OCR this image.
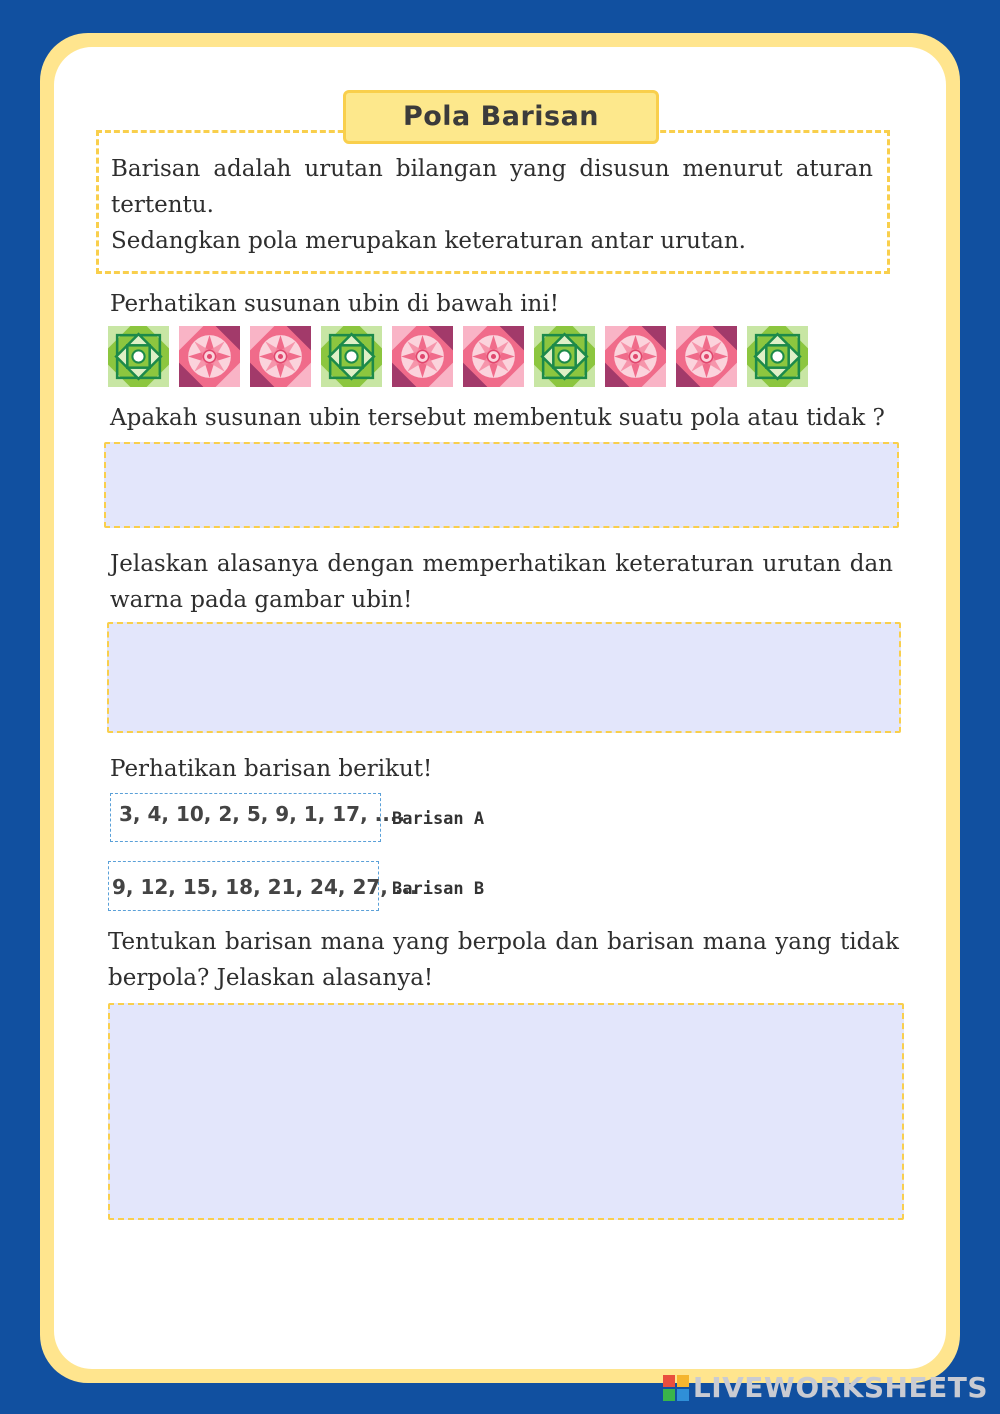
Pola Barisan

Barisan adalah urutan bilangan yang disusun menurut aturan tertentu.

Sedangkan pola merupakan keteraturan antar urutan.

Perhatikan susunan ubin di bawah ini!
Apakah susunan ubin tersebut membentuk suatu pola atau tidak ?
Jelaskan alasanya dengan memperhatikan keteraturan urutan dan warna pada gambar ubin!
Perhatikan barisan berikut!
3, 4, 10, 2, 5, 9, 1, 17, ....
Barisan A
9, 12, 15, 18, 21, 24, 27, ...
Barisan B
Tentukan barisan mana yang berpola dan barisan mana yang tidak berpola? Jelaskan alasanya!
LIVEWORKSHEETS
